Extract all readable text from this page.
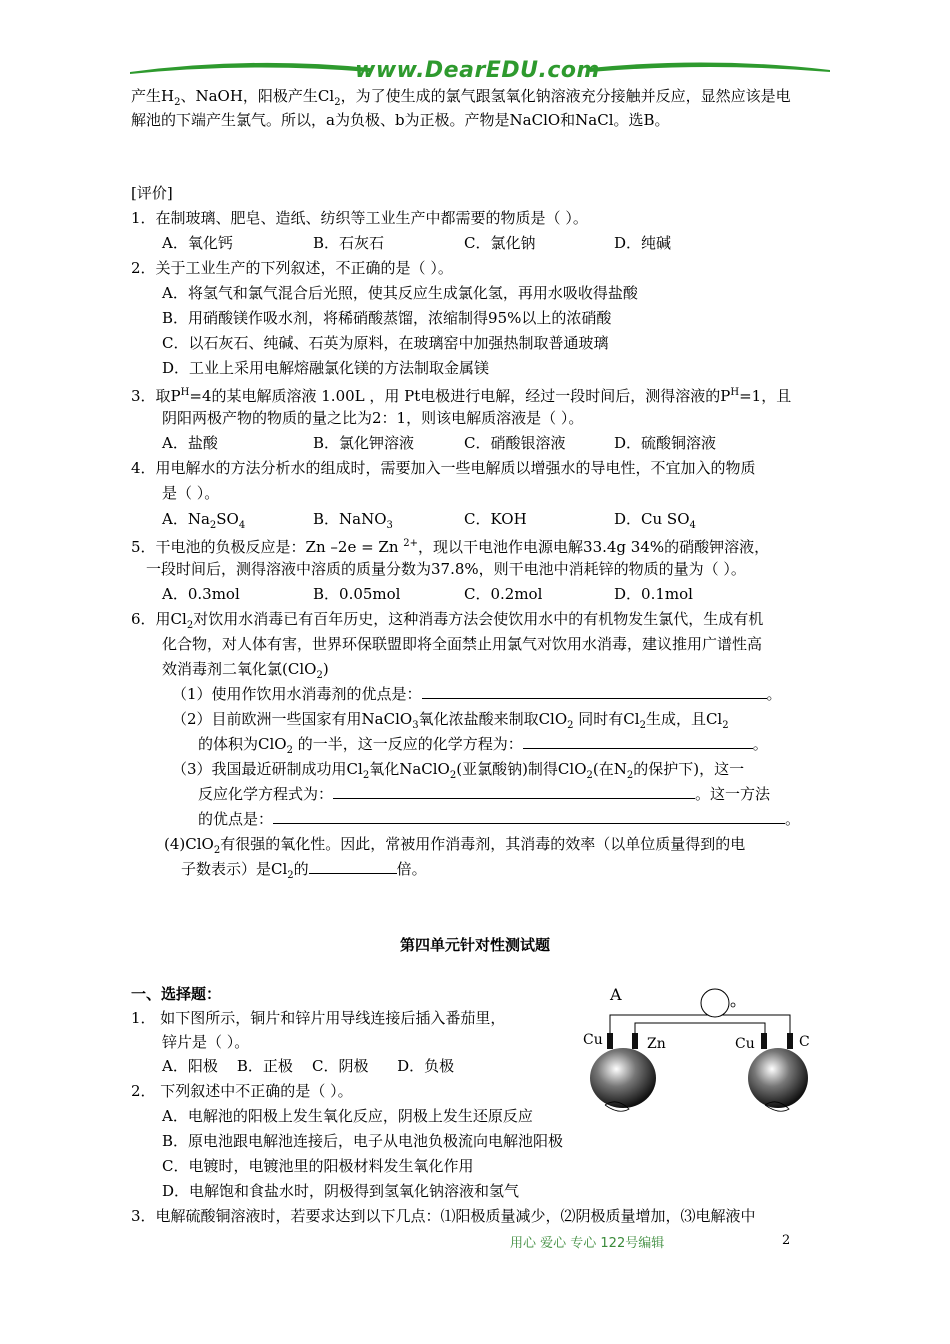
www.DearEDU.com
产生$H_2$、NaOH，阳极产生$Cl_2$，为了使生成的氯气跟氢氧化钠溶液充分接触并反应，显然应该是电
解池的下端产生氯气。所以，a为负极、b为正极。产物是NaClO和NaCl。选B。
[评价]
1．在制玻璃、肥皂、造纸、纺织等工业生产中都需要的物质是（ ）。
A．氧化钙	B．石灰石	C．氯化钠	D．纯碱
2．关于工业生产的下列叙述，不正确的是（ ）。
A．将氢气和氯气混合后光照，使其反应生成氯化氢，再用水吸收得盐酸
B．用硝酸镁作吸水剂，将稀硝酸蒸馏，浓缩制得95%以上的浓硝酸
C．以石灰石、纯碱、石英为原料，在玻璃窑中加强热制取普通玻璃
D．工业上采用电解熔融氯化镁的方法制取金属镁
3．取$P^H=4$的某电解质溶液 1.00L ，用 Pt电极进行电解，经过一段时间后，测得溶液的$P^H=1$，且
阴阳两极产物的物质的量之比为2：1，则该电解质溶液是（ ）。
A．盐酸	B．氯化钾溶液	C．硝酸银溶液	D．硫酸铜溶液
4．用电解水的方法分析水的组成时，需要加入一些电解质以增强水的导电性，不宜加入的物质
是（ ）。
A．$Na_2SO_4$	B．NaNO$_3$	C．KOH	D．Cu $SO_4$
5．干电池的负极反应是：Zn –2e = Zn $^{2+}$，现以干电池作电源电解33.4g 34%的硝酸钾溶液，
一段时间后，测得溶液中溶质的质量分数为37.8%，则干电池中消耗锌的物质的量为（ ）。
A．0.3mol	B．0.05mol	C．0.2mol	D．0.1mol
6．用$Cl_2$对饮用水消毒已有百年历史，这种消毒方法会使饮用水中的有机物发生氯代，生成有机
化合物，对人体有害，世界环保联盟即将全面禁止用氯气对饮用水消毒，建议推用广谱性高
效消毒剂二氧化氯(ClO$_2$)
（1）使用作饮用水消毒剂的优点是：	。
（2）目前欧洲一些国家有用NaClO$_3$氧化浓盐酸来制取ClO$_2$ 同时有$Cl_2$生成，且$Cl_2$
的体积为ClO$_2$ 的一半，这一反应的化学方程为：	。
（3）我国最近研制成功用$Cl_2$氧化NaClO$_2$(亚氯酸钠)制得ClO$_2$(在$N_2$的保护下)，这一
反应化学方程式为：	。这一方法
的优点是：	。
(4)ClO$_2$有很强的氧化性。因此，常被用作消毒剂，其消毒的效率（以单位质量得到的电
子数表示）是$Cl_2$的	倍。
第四单元针对性测试题
一、选择题：
1． 如下图所示，铜片和锌片用导线连接后插入番茄里，
锌片是（ ）。
A．阳极    B．正极    C．阴极      D．负极
A
Cu	Zn	Cu	C
2． 下列叙述中不正确的是（ ）。
A．电解池的阳极上发生氧化反应，阴极上发生还原反应
B．原电池跟电解池连接后，电子从电池负极流向电解池阳极
C．电镀时，电镀池里的阳极材料发生氧化作用
D．电解饱和食盐水时，阴极得到氢氧化钠溶液和氢气
3．电解硫酸铜溶液时，若要求达到以下几点：⑴阳极质量减少，⑵阴极质量增加，⑶电解液中
用心 爱心 专心 122号编辑	2
